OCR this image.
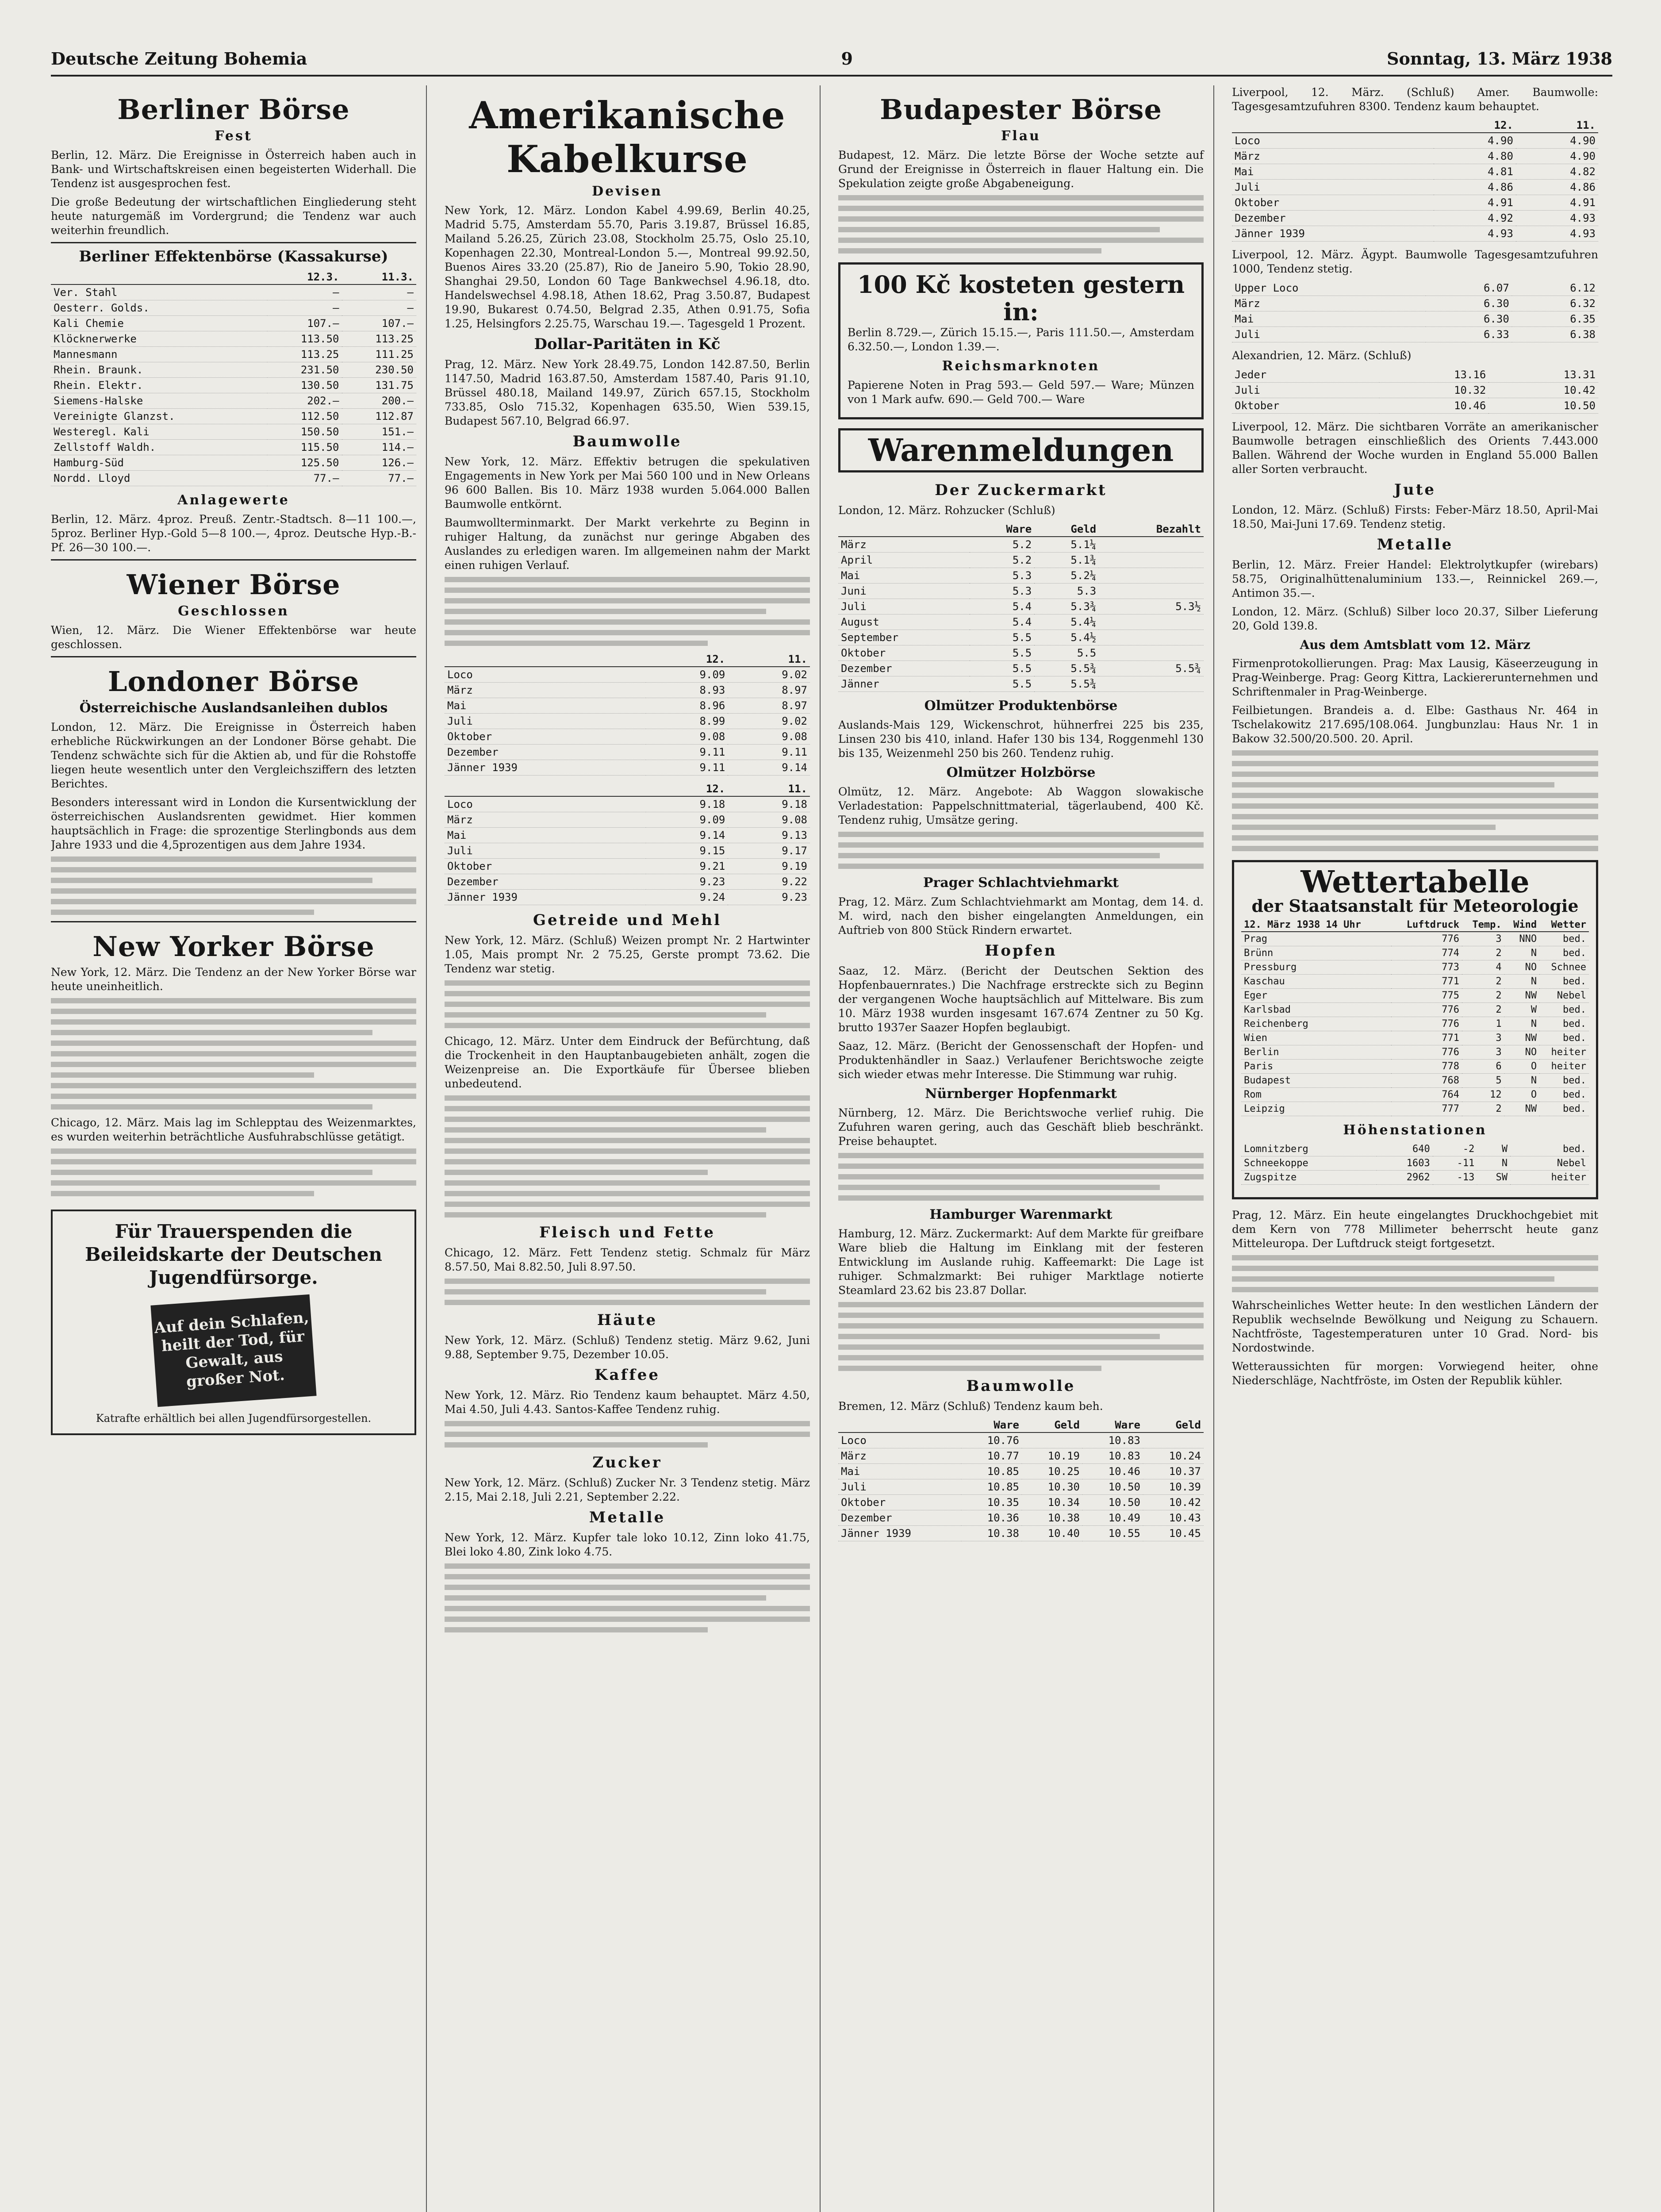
Deutsche Zeitung Bohemia	9	Sonntag, 13. März 1938
Berliner Börse
Fest

Berlin, 12. März. Die Ereignisse in Österreich haben auch in Bank- und Wirtschaftskreisen einen begeisterten Widerhall. Die Tendenz ist ausgesprochen fest.

Die große Bedeutung der wirtschaftlichen Eingliederung steht heute naturgemäß im Vordergrund; die Tendenz war auch weiterhin freundlich.

Berliner Effektenbörse (Kassakurse)
	12.3.	11.3.
Ver. Stahl	—	—
Oesterr. Golds.	—	—
Kali Chemie	107.—	107.—
Klöcknerwerke	113.50	113.25
Mannesmann	113.25	111.25
Rhein. Braunk.	231.50	230.50
Rhein. Elektr.	130.50	131.75
Siemens-Halske	202.—	200.—
Vereinigte Glanzst.	112.50	112.87
Westeregl. Kali	150.50	151.—
Zellstoff Waldh.	115.50	114.—
Hamburg-Süd	125.50	126.—
Nordd. Lloyd	77.—	77.—
Anlagewerte

Berlin, 12. März. 4proz. Preuß. Zentr.-Stadtsch. 8—11 100.—, 5proz. Berliner Hyp.-Gold 5—8 100.—, 4proz. Deutsche Hyp.-B.-Pf. 26—30 100.—.

Wiener Börse
Geschlossen

Wien, 12. März. Die Wiener Effektenbörse war heute geschlossen.

Londoner Börse
Österreichische Auslandsanleihen dublos

London, 12. März. Die Ereignisse in Österreich haben erhebliche Rückwirkungen an der Londoner Börse gehabt. Die Tendenz schwächte sich für die Aktien ab, und für die Rohstoffe liegen heute wesentlich unter den Vergleichsziffern des letzten Berichtes.

Besonders interessant wird in London die Kursentwicklung der österreichischen Auslandsrenten gewidmet. Hier kommen hauptsächlich in Frage: die sprozentige Sterlingbonds aus dem Jahre 1933 und die 4,5prozentigen aus dem Jahre 1934.

New Yorker Börse

New York, 12. März. Die Tendenz an der New Yorker Börse war heute uneinheitlich.

Chicago, 12. März. Mais lag im Schlepptau des Weizenmarktes, es wurden weiterhin beträchtliche Ausfuhrabschlüsse getätigt.

Für Trauerspenden die Beileidskarte der Deutschen Jugendfürsorge.
Auf dein Schlafen, heilt der Tod, für Gewalt, aus großer Not.
Katrafte erhältlich bei allen Jugendfürsorgestellen.
Amerikanische Kabelkurse
Devisen

New York, 12. März. London Kabel 4.99.69, Berlin 40.25, Madrid 5.75, Amsterdam 55.70, Paris 3.19.87, Brüssel 16.85, Mailand 5.26.25, Zürich 23.08, Stockholm 25.75, Oslo 25.10, Kopenhagen 22.30, Montreal-London 5.—, Montreal 99.92.50, Buenos Aires 33.20 (25.87), Rio de Janeiro 5.90, Tokio 28.90, Shanghai 29.50, London 60 Tage Bankwechsel 4.96.18, dto. Handelswechsel 4.98.18, Athen 18.62, Prag 3.50.87, Budapest 19.90, Bukarest 0.74.50, Belgrad 2.35, Athen 0.91.75, Sofia 1.25, Helsingfors 2.25.75, Warschau 19.—. Tagesgeld 1 Prozent.

Dollar-Paritäten in Kč

Prag, 12. März. New York 28.49.75, London 142.87.50, Berlin 1147.50, Madrid 163.87.50, Amsterdam 1587.40, Paris 91.10, Brüssel 480.18, Mailand 149.97, Zürich 657.15, Stockholm 733.85, Oslo 715.32, Kopenhagen 635.50, Wien 539.15, Budapest 567.10, Belgrad 66.97.

Baumwolle

New York, 12. März. Effektiv betrugen die spekulativen Engagements in New York per Mai 560 100 und in New Orleans 96 600 Ballen. Bis 10. März 1938 wurden 5.064.000 Ballen Baumwolle entkörnt.

Baumwollterminmarkt. Der Markt verkehrte zu Beginn in ruhiger Haltung, da zunächst nur geringe Abgaben des Auslandes zu erledigen waren. Im allgemeinen nahm der Markt einen ruhigen Verlauf.

	12.	11.
Loco	9.09	9.02
März	8.93	8.97
Mai	8.96	8.97
Juli	8.99	9.02
Oktober	9.08	9.08
Dezember	9.11	9.11
Jänner 1939	9.11	9.14
	12.	11.
Loco	9.18	9.18
März	9.09	9.08
Mai	9.14	9.13
Juli	9.15	9.17
Oktober	9.21	9.19
Dezember	9.23	9.22
Jänner 1939	9.24	9.23
Getreide und Mehl

New York, 12. März. (Schluß) Weizen prompt Nr. 2 Hartwinter 1.05, Mais prompt Nr. 2 75.25, Gerste prompt 73.62. Die Tendenz war stetig.

Chicago, 12. März. Unter dem Eindruck der Befürchtung, daß die Trockenheit in den Hauptanbaugebieten anhält, zogen die Weizenpreise an. Die Exportkäufe für Übersee blieben unbedeutend.

Fleisch und Fette

Chicago, 12. März. Fett Tendenz stetig. Schmalz für März 8.57.50, Mai 8.82.50, Juli 8.97.50.

Häute

New York, 12. März. (Schluß) Tendenz stetig. März 9.62, Juni 9.88, September 9.75, Dezember 10.05.

Kaffee

New York, 12. März. Rio Tendenz kaum behauptet. März 4.50, Mai 4.50, Juli 4.43. Santos-Kaffee Tendenz ruhig.

Zucker

New York, 12. März. (Schluß) Zucker Nr. 3 Tendenz stetig. März 2.15, Mai 2.18, Juli 2.21, September 2.22.

Metalle

New York, 12. März. Kupfer tale loko 10.12, Zinn loko 41.75, Blei loko 4.80, Zink loko 4.75.

Budapester Börse
Flau

Budapest, 12. März. Die letzte Börse der Woche setzte auf Grund der Ereignisse in Österreich in flauer Haltung ein. Die Spekulation zeigte große Abgabeneigung.

100 Kč kosteten gestern in:

Berlin 8.729.—, Zürich 15.15.—, Paris 111.50.—, Amsterdam 6.32.50.—, London 1.39.—.

Reichsmarknoten

Papierene Noten in Prag 593.— Geld 597.— Ware; Münzen von 1 Mark aufw. 690.— Geld 700.— Ware

Warenmeldungen
Der Zuckermarkt

London, 12. März. Rohzucker (Schluß)

	Ware	Geld	Bezahlt
März	5.2	5.1¼	
April	5.2	5.1¾	
Mai	5.3	5.2¼	
Juni	5.3	5.3	
Juli	5.4	5.3¾	5.3½
August	5.4	5.4¼	
September	5.5	5.4½	
Oktober	5.5	5.5	
Dezember	5.5	5.5¾	5.5¾
Jänner	5.5	5.5¾	
Olmützer Produktenbörse

Auslands-Mais 129, Wickenschrot, hühnerfrei 225 bis 235, Linsen 230 bis 410, inland. Hafer 130 bis 134, Roggenmehl 130 bis 135, Weizenmehl 250 bis 260. Tendenz ruhig.

Olmützer Holzbörse

Olmütz, 12. März. Angebote: Ab Waggon slowakische Verladestation: Pappelschnittmaterial, tägerlaubend, 400 Kč. Tendenz ruhig, Umsätze gering.

Prager Schlachtviehmarkt

Prag, 12. März. Zum Schlachtviehmarkt am Montag, dem 14. d. M. wird, nach den bisher eingelangten Anmeldungen, ein Auftrieb von 800 Stück Rindern erwartet.

Hopfen

Saaz, 12. März. (Bericht der Deutschen Sektion des Hopfenbauernrates.) Die Nachfrage erstreckte sich zu Beginn der vergangenen Woche hauptsächlich auf Mittelware. Bis zum 10. März 1938 wurden insgesamt 167.674 Zentner zu 50 Kg. brutto 1937er Saazer Hopfen beglaubigt.

Saaz, 12. März. (Bericht der Genossenschaft der Hopfen- und Produktenhändler in Saaz.) Verlaufener Berichtswoche zeigte sich wieder etwas mehr Interesse. Die Stimmung war ruhig.

Nürnberger Hopfenmarkt

Nürnberg, 12. März. Die Berichtswoche verlief ruhig. Die Zufuhren waren gering, auch das Geschäft blieb beschränkt. Preise behauptet.

Hamburger Warenmarkt

Hamburg, 12. März. Zuckermarkt: Auf dem Markte für greifbare Ware blieb die Haltung im Einklang mit der festeren Entwicklung im Auslande ruhig. Kaffeemarkt: Die Lage ist ruhiger. Schmalzmarkt: Bei ruhiger Marktlage notierte Steamlard 23.62 bis 23.87 Dollar.

Baumwolle

Bremen, 12. März (Schluß) Tendenz kaum beh.

	Ware	Geld	Ware	Geld
Loco	10.76		10.83	
März	10.77	10.19	10.83	10.24
Mai	10.85	10.25	10.46	10.37
Juli	10.85	10.30	10.50	10.39
Oktober	10.35	10.34	10.50	10.42
Dezember	10.36	10.38	10.49	10.43
Jänner 1939	10.38	10.40	10.55	10.45

Liverpool, 12. März. (Schluß) Amer. Baumwolle: Tagesgesamtzufuhren 8300. Tendenz kaum behauptet.

	12.	11.
Loco	4.90	4.90
März	4.80	4.90
Mai	4.81	4.82
Juli	4.86	4.86
Oktober	4.91	4.91
Dezember	4.92	4.93
Jänner 1939	4.93	4.93

Liverpool, 12. März. Ägypt. Baumwolle Tagesgesamtzufuhren 1000, Tendenz stetig.

Upper Loco	6.07	6.12
März	6.30	6.32
Mai	6.30	6.35
Juli	6.33	6.38

Alexandrien, 12. März. (Schluß)

Jeder	13.16	13.31
Juli	10.32	10.42
Oktober	10.46	10.50

Liverpool, 12. März. Die sichtbaren Vorräte an amerikanischer Baumwolle betragen einschließlich des Orients 7.443.000 Ballen. Während der Woche wurden in England 55.000 Ballen aller Sorten verbraucht.

Jute

London, 12. März. (Schluß) Firsts: Feber-März 18.50, April-Mai 18.50, Mai-Juni 17.69. Tendenz stetig.

Metalle

Berlin, 12. März. Freier Handel: Elektrolytkupfer (wirebars) 58.75, Originalhüttenaluminium 133.—, Reinnickel 269.—, Antimon 35.—.

London, 12. März. (Schluß) Silber loco 20.37, Silber Lieferung 20, Gold 139.8.

Aus dem Amtsblatt vom 12. März

Firmenprotokollierungen. Prag: Max Lausig, Käseerzeugung in Prag-Weinberge. Prag: Georg Kittra, Lackiererunternehmen und Schriftenmaler in Prag-Weinberge.

Feilbietungen. Brandeis a. d. Elbe: Gasthaus Nr. 464 in Tschelakowitz 217.695/108.064. Jungbunzlau: Haus Nr. 1 in Bakow 32.500/20.500. 20. April.

Wettertabelle
der Staatsanstalt für Meteorologie
12. März 1938 14 Uhr	Luftdruck	Temp.	Wind	Wetter
Prag	776	3	NNO	bed.
Brünn	774	2	N	bed.
Pressburg	773	4	NO	Schnee
Kaschau	771	2	N	bed.
Eger	775	2	NW	Nebel
Karlsbad	776	2	W	bed.
Reichenberg	776	1	N	bed.
Wien	771	3	NW	bed.
Berlin	776	3	NO	heiter
Paris	778	6	O	heiter
Budapest	768	5	N	bed.
Rom	764	12	O	bed.
Leipzig	777	2	NW	bed.
Höhenstationen
Lomnitzberg	640	-2	W	bed.
Schneekoppe	1603	-11	N	Nebel
Zugspitze	2962	-13	SW	heiter

Prag, 12. März. Ein heute eingelangtes Druckhochgebiet mit dem Kern von 778 Millimeter beherrscht heute ganz Mitteleuropa. Der Luftdruck steigt fortgesetzt.

Wahrscheinliches Wetter heute: In den westlichen Ländern der Republik wechselnde Bewölkung und Neigung zu Schauern. Nachtfröste, Tagestemperaturen unter 10 Grad. Nord- bis Nordostwinde.

Wetteraussichten für morgen: Vorwiegend heiter, ohne Niederschläge, Nachtfröste, im Osten der Republik kühler.
